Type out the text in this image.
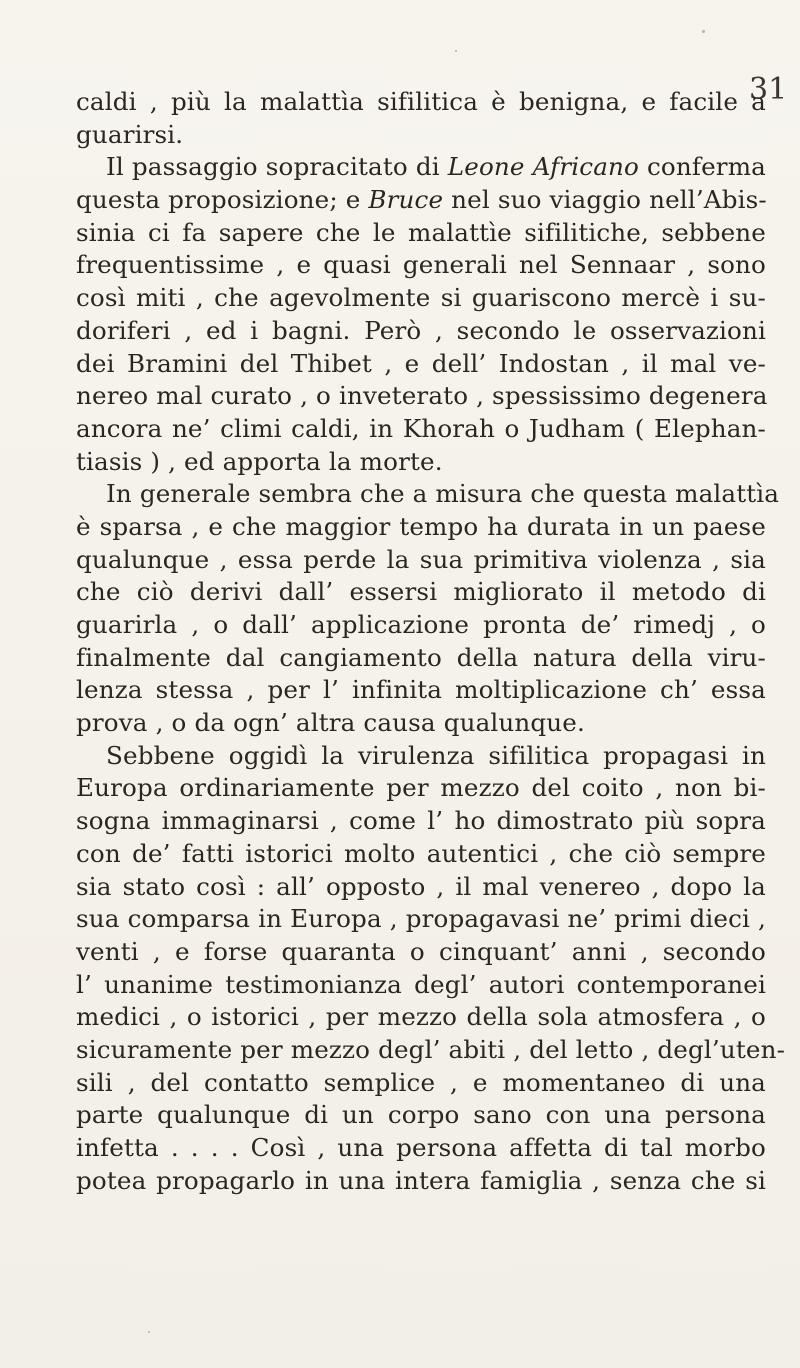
31
caldi , più la malattìa sifilitica è benigna, e facile a
guarirsi.
Il passaggio sopracitato di Leone Africano conferma
questa proposizione; e Bruce nel suo viaggio nell’Abis-
sinia ci fa sapere che le malattìe sifilitiche, sebbene
frequentissime , e quasi generali nel Sennaar , sono
così miti , che agevolmente si guariscono mercè i su-
doriferi , ed i bagni. Però , secondo le osservazioni
dei Bramini del Thibet , e dell’ Indostan , il mal ve-
nereo mal curato , o inveterato , spessissimo degenera
ancora ne’ climi caldi, in Khorah o Judham ( Elephan-
tiasis ) , ed apporta la morte.
In generale sembra che a misura che questa malattìa
è sparsa , e che maggior tempo ha durata in un paese
qualunque , essa perde la sua primitiva violenza , sia
che ciò derivi dall’ essersi migliorato il metodo di
guarirla , o dall’ applicazione pronta de’ rimedj , o
finalmente dal cangiamento della natura della viru-
lenza stessa , per l’ infinita moltiplicazione ch’ essa
prova , o da ogn’ altra causa qualunque.
Sebbene oggidì la virulenza sifilitica propagasi in
Europa ordinariamente per mezzo del coito , non bi-
sogna immaginarsi , come l’ ho dimostrato più sopra
con de’ fatti istorici molto autentici , che ciò sempre
sia stato così : all’ opposto , il mal venereo , dopo la
sua comparsa in Europa , propagavasi ne’ primi dieci ,
venti , e forse quaranta o cinquant’ anni , secondo
l’ unanime testimonianza degl’ autori contemporanei
medici , o istorici , per mezzo della sola atmosfera , o
sicuramente per mezzo degl’ abiti , del letto , degl’uten-
sili , del contatto semplice , e momentaneo di una
parte qualunque di un corpo sano con una persona
infetta . . . . Così , una persona affetta di tal morbo
potea propagarlo in una intera famiglia , senza che si
